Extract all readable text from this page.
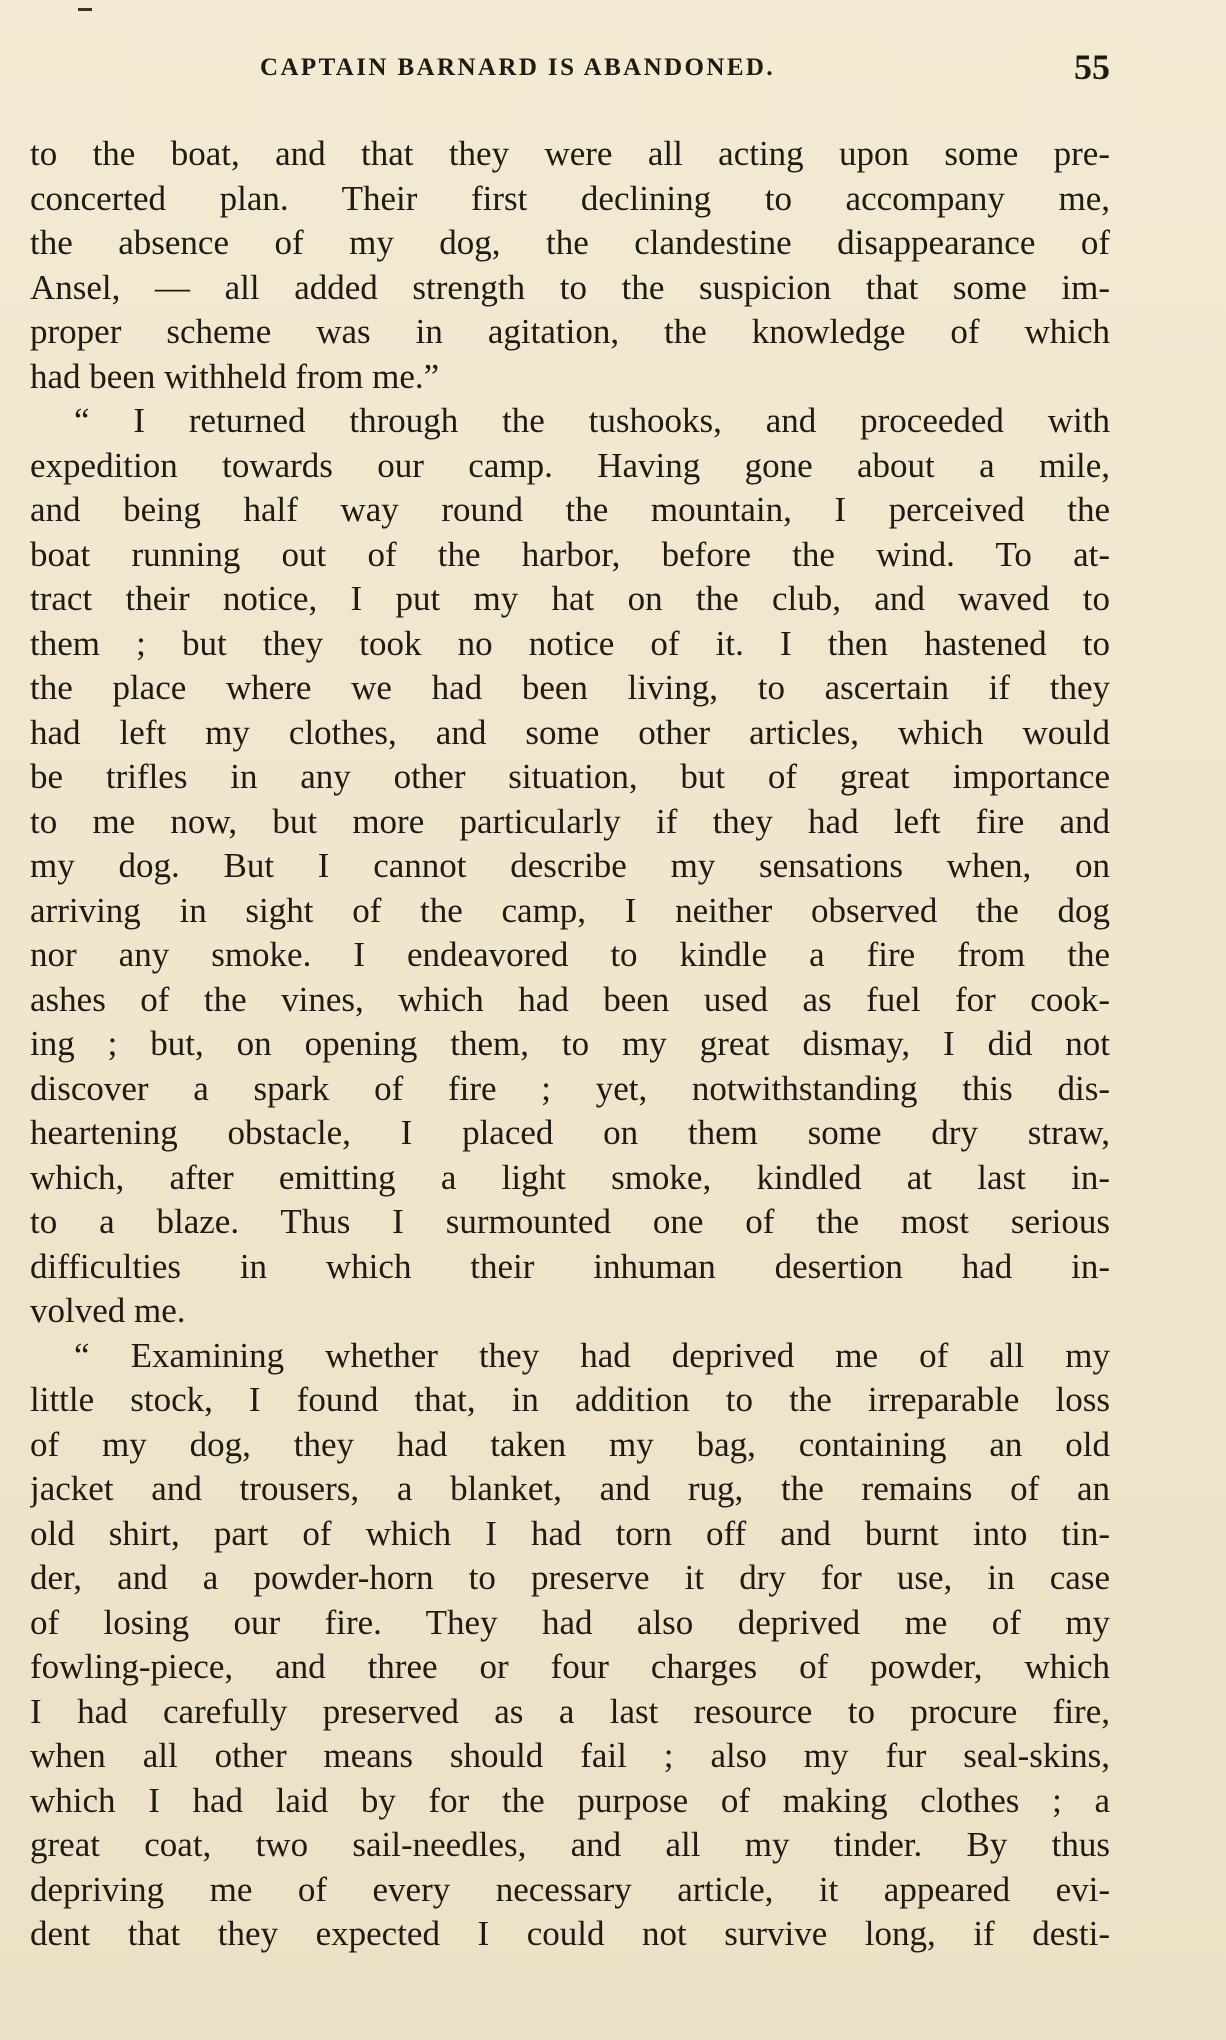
CAPTAIN BARNARD IS ABANDONED.	55
to the boat, and that they were all acting upon some pre-
concerted plan. Their first declining to accompany me,
the absence of my dog, the clandestine disappearance of
Ansel, — all added strength to the suspicion that some im-
proper scheme was in agitation, the knowledge of which
had been withheld from me.”
“ I returned through the tushooks, and proceeded with
expedition towards our camp. Having gone about a mile,
and being half way round the mountain, I perceived the
boat running out of the harbor, before the wind. To at-
tract their notice, I put my hat on the club, and waved to
them ; but they took no notice of it. I then hastened to
the place where we had been living, to ascertain if they
had left my clothes, and some other articles, which would
be trifles in any other situation, but of great importance
to me now, but more particularly if they had left fire and
my dog. But I cannot describe my sensations when, on
arriving in sight of the camp, I neither observed the dog
nor any smoke. I endeavored to kindle a fire from the
ashes of the vines, which had been used as fuel for cook-
ing ; but, on opening them, to my great dismay, I did not
discover a spark of fire ; yet, notwithstanding this dis-
heartening obstacle, I placed on them some dry straw,
which, after emitting a light smoke, kindled at last in-
to a blaze. Thus I surmounted one of the most serious
difficulties in which their inhuman desertion had in-
volved me.
“ Examining whether they had deprived me of all my
little stock, I found that, in addition to the irreparable loss
of my dog, they had taken my bag, containing an old
jacket and trousers, a blanket, and rug, the remains of an
old shirt, part of which I had torn off and burnt into tin-
der, and a powder-horn to preserve it dry for use, in case
of losing our fire. They had also deprived me of my
fowling-piece, and three or four charges of powder, which
I had carefully preserved as a last resource to procure fire,
when all other means should fail ; also my fur seal-skins,
which I had laid by for the purpose of making clothes ; a
great coat, two sail-needles, and all my tinder. By thus
depriving me of every necessary article, it appeared evi-
dent that they expected I could not survive long, if desti-
